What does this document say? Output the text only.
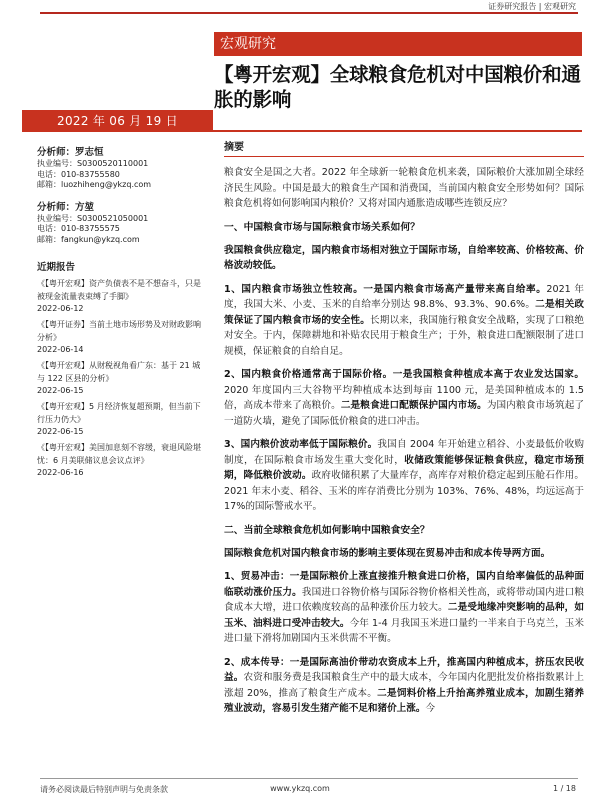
证券研究报告 | 宏观研究
宏观研究
【粤开宏观】全球粮食危机对中国粮价和通胀的影响
2022 年 06 月 19 日
分析师：罗志恒
执业编号：S0300520110001
电话：010-83755580
邮箱：luozhiheng@ykzq.com
分析师：方堃
执业编号：S0300521050001
电话：010-83755575
邮箱：fangkun@ykzq.com
近期报告
《【粤开宏观】资产负债表不是不想奋斗，只是被现金流量表束缚了手脚》
2022-06-12
《【粤开证券】当前土地市场形势及对财政影响分析》
2022-06-14
《【粤开宏观】从财税视角看广东：基于 21 城与 122 区县的分析》
2022-06-15
《【粤开宏观】5 月经济恢复超预期，但当前下行压力仍大》
2022-06-15
《【粤开宏观】美国加息刻不容缓，衰退风险堪忧：6 月美联储议息会议点评》
2022-06-16
摘要

粮食安全是国之大者。2022 年全球新一轮粮食危机来袭，国际粮价大涨加剧全球经济民生风险。中国是最大的粮食生产国和消费国，当前国内粮食安全形势如何？国际粮食危机将如何影响国内粮价？又将对国内通胀造成哪些连锁反应？

一、中国粮食市场与国际粮食市场关系如何？

我国粮食供应稳定，国内粮食市场相对独立于国际市场，自给率较高、价格较高、价格波动较低。

1、国内粮食市场独立性较高。一是国内粮食市场高产量带来高自给率。2021 年度，我国大米、小麦、玉米的自给率分别达 98.8%、93.3%、90.6%。二是相关政策保证了国内粮食市场的安全性。长期以来，我国施行粮食安全战略，实现了口粮绝对安全。于内，保障耕地和补贴农民用于粮食生产；于外，粮食进口配额限制了进口规模，保证粮食的自给自足。

2、国内粮食价格通常高于国际价格。一是我国粮食种植成本高于农业发达国家。2020 年度国内三大谷物平均种植成本达到每亩 1100 元，是美国种植成本的 1.5 倍，高成本带来了高粮价。二是粮食进口配额保护国内市场。为国内粮食市场筑起了一道防火墙，避免了国际低价粮食的进口冲击。

3、国内粮价波动率低于国际粮价。我国自 2004 年开始建立稻谷、小麦最低价收购制度，在国际粮食市场发生重大变化时，收储政策能够保证粮食供应，稳定市场预期，降低粮价波动。政府收储积累了大量库存，高库存对粮价稳定起到压舱石作用。2021 年末小麦、稻谷、玉米的库存消费比分别为 103%、76%、48%，均远远高于 17%的国际警戒水平。

二、当前全球粮食危机如何影响中国粮食安全？

国际粮食危机对国内粮食市场的影响主要体现在贸易冲击和成本传导两方面。

1、贸易冲击：一是国际粮价上涨直接推升粮食进口价格，国内自给率偏低的品种面临联动涨价压力。我国进口谷物价格与国际谷物价格相关性高，或将带动国内进口粮食成本大增，进口依赖度较高的品种涨价压力较大。二是受地缘冲突影响的品种，如玉米、油料进口受冲击较大。今年 1-4 月我国玉米进口量约一半来自于乌克兰，玉米进口量下滑将加剧国内玉米供需不平衡。

2、成本传导：一是国际高油价带动农资成本上升，推高国内种植成本，挤压农民收益。农资和服务费是我国粮食生产中的最大成本，今年国内化肥批发价格指数累计上涨超 20%，推高了粮食生产成本。二是饲料价格上升抬高养殖业成本，加剧生猪养殖业波动，容易引发生猪产能不足和猪价上涨。今

请务必阅读最后特别声明与免责条款	www.ykzq.com	1 / 18
